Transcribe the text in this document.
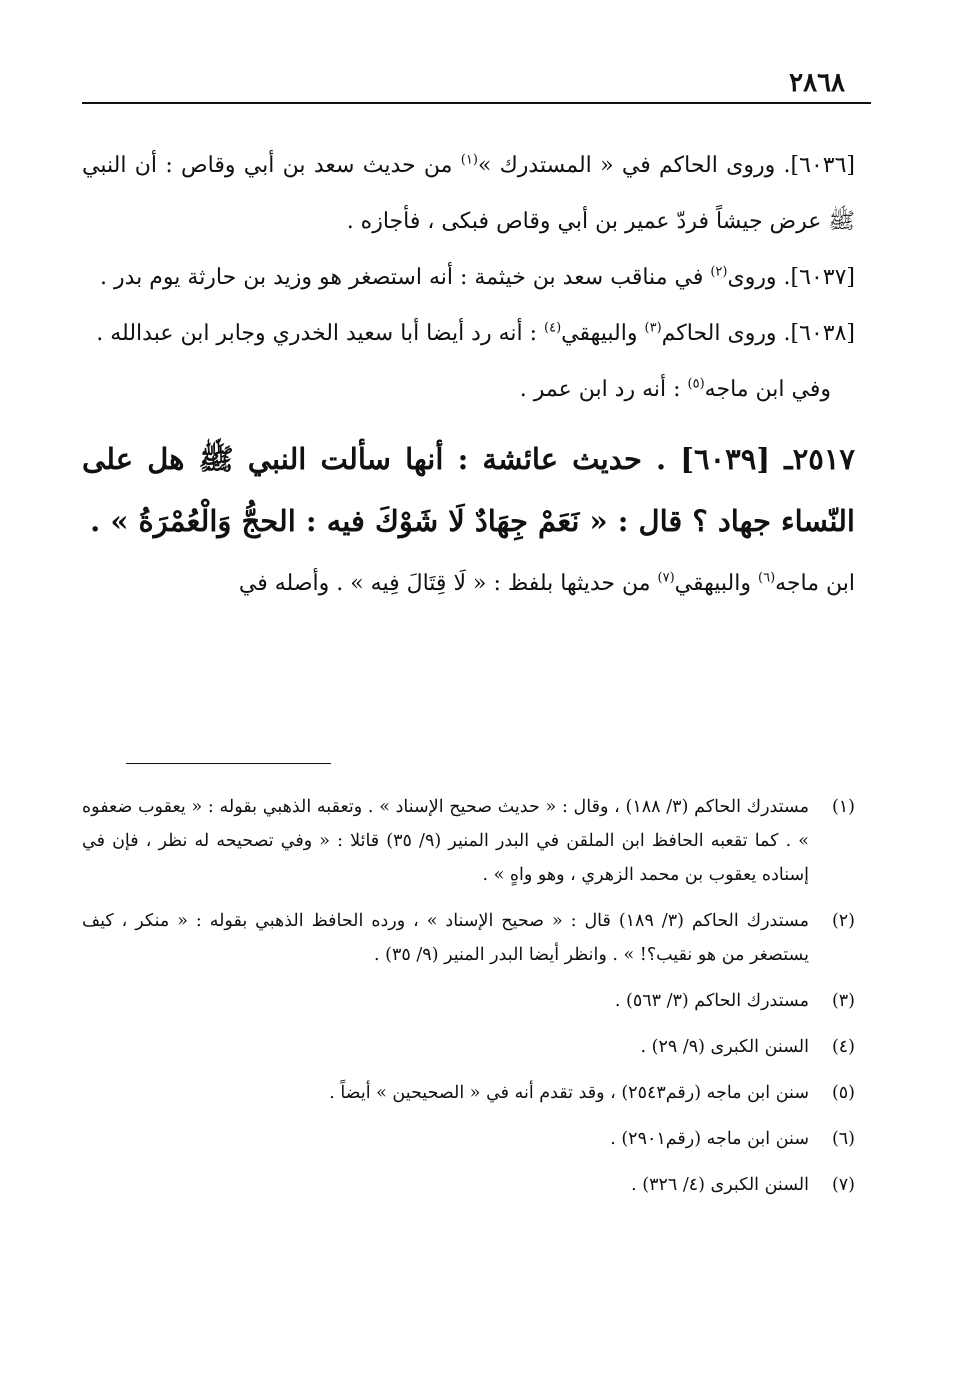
٢٨٦٨

[٦٠٣٦]. وروى الحاكم في « المستدرك »$^{(١)}$ من حديث سعد بن أبي وقاص : أن النبي ﷺ عرض جيشاً فردّ عمير بن أبي وقاص فبكى ، فأجازه .

[٦٠٣٧]. وروى$^{(٢)}$ في مناقب سعد بن خيثمة : أنه استصغر هو وزيد بن حارثة يوم بدر .

[٦٠٣٨]. وروى الحاكم$^{(٣)}$ والبيهقي$^{(٤)}$ : أنه رد أيضا أبا سعيد الخدري وجابر ابن عبدالله .

وفي ابن ماجه$^{(٥)}$ : أنه رد ابن عمر .

٢٥١٧ـ [٦٠٣٩] . حديث عائشة : أنها سألت النبي ﷺ هل على النّساء جهاد ؟ قال : « نَعَمْ جِهَادٌ لَا شَوْكَ فيه : الحجُّ وَالْعُمْرَةُ » .

ابن ماجه$^{(٦)}$ والبيهقي$^{(٧)}$ من حديثها بلفظ : « لَا قِتَالَ فِيه » . وأصله في

(١)
مستدرك الحاكم (٣/ ١٨٨) ، وقال : « حديث صحيح الإسناد » . وتعقبه الذهبي بقوله : « يعقوب ضعفوه » . كما تقعبه الحافظ ابن الملقن في البدر المنير (٩/ ٣٥) قائلا : « وفي تصحيحه له نظر ، فإن في إسناده يعقوب بن محمد الزهري ، وهو واهٍ » .
(٢)
مستدرك الحاكم (٣/ ١٨٩) قال : « صحيح الإسناد » ، ورده الحافظ الذهبي بقوله : « منكر ، كيف يستصغر من هو نقيب؟! » . وانظر أيضا البدر المنير (٩/ ٣٥) .
(٣)
مستدرك الحاكم (٣/ ٥٦٣) .
(٤)
السنن الكبرى (٩/ ٢٩) .
(٥)
سنن ابن ماجه (رقم٢٥٤٣) ، وقد تقدم أنه في « الصحيحين » أيضاً .
(٦)
سنن ابن ماجه (رقم٢٩٠١) .
(٧)
السنن الكبرى (٤/ ٣٢٦) .
